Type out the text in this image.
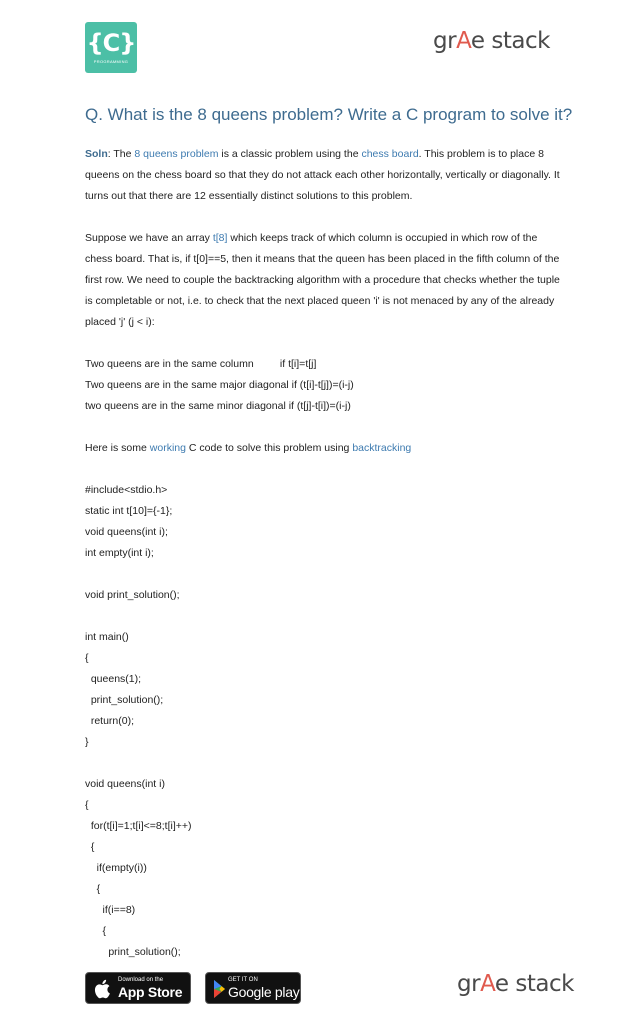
{C}
PROGRAMMING
grAe stack
Q. What is the 8 queens problem? Write a C program to solve it?

Soln: The 8 queens problem is a classic problem using the chess board. This problem is to place 8 queens on the chess board so that they do not attack each other horizontally, vertically or diagonally. It turns out that there are 12 essentially distinct solutions to this problem.

Suppose we have an array t[8] which keeps track of which column is occupied in which row of the chess board. That is, if t[0]==5, then it means that the queen has been placed in the fifth column of the first row. We need to couple the backtracking algorithm with a procedure that checks whether the tuple is completable or not, i.e. to check that the next placed queen 'i' is not menaced by any of the already placed 'j' (j < i):

Two queens are in the same column         if t[i]=t[j]
Two queens are in the same major diagonal if (t[i]-t[j])=(i-j)
two queens are in the same minor diagonal if (t[j]-t[i])=(i-j)

Here is some working C code to solve this problem using backtracking

#include<stdio.h>
static int t[10]={-1};
void queens(int i);
int empty(int i);
void print_solution();
int main()
{
queens(1);
print_solution();
return(0);
}
void queens(int i)
{
for(t[i]=1;t[i]<=8;t[i]++)
{
if(empty(i))
{
if(i==8)
{
print_solution();
Download on the
App Store
GET IT ON
Google play	grAe stack
